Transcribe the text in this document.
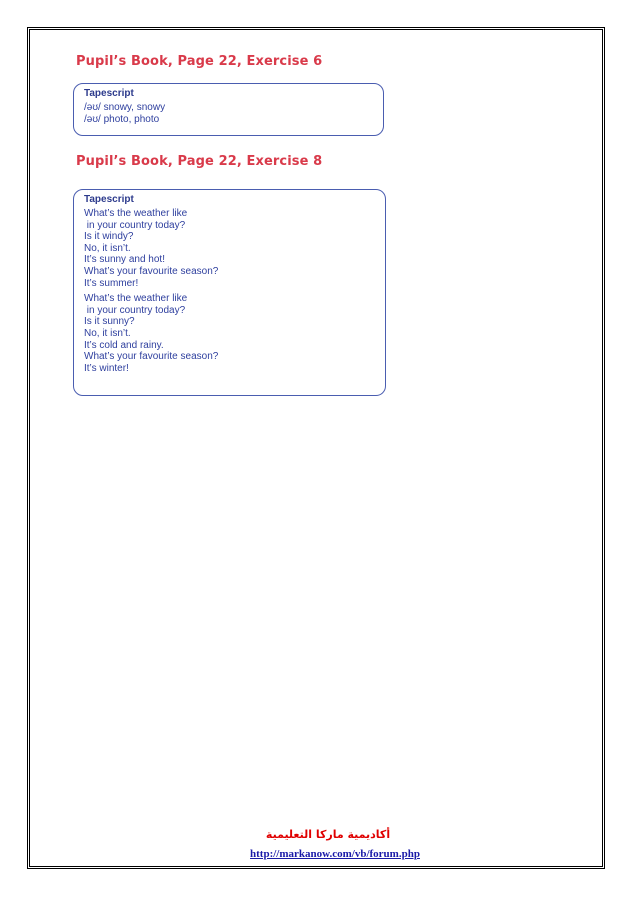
Pupil’s Book, Page 22, Exercise 6
Tapescript
/əʊ/ snowy, snowy
/əʊ/ photo, photo
Pupil’s Book, Page 22, Exercise 8
Tapescript
What’s the weather like
in your country today?
Is it windy?
No, it isn’t.
It’s sunny and hot!
What’s your favourite season?
It’s summer!
What’s the weather like
in your country today?
Is it sunny?
No, it isn’t.
It’s cold and rainy.
What’s your favourite season?
It’s winter!
أكاديمية ماركا التعليمية
http://markanow.com/vb/forum.php
